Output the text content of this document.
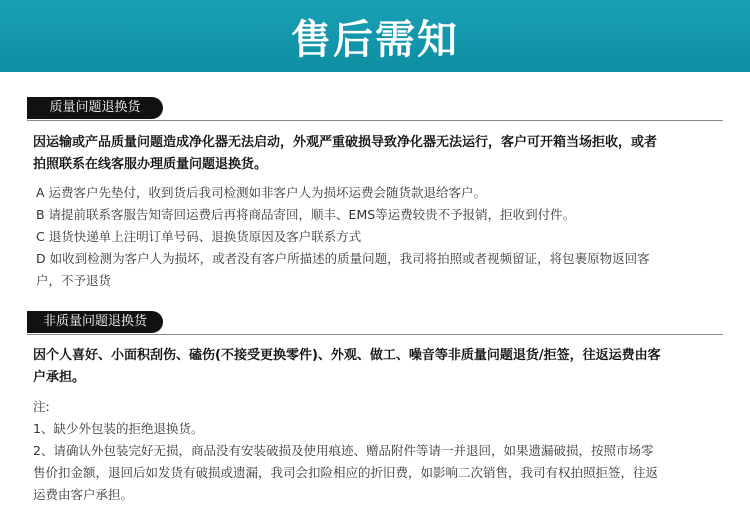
售后需知
质量问题退换货
因运输或产品质量问题造成净化器无法启动，外观严重破损导致净化器无法运行，客户可开箱当场拒收，或者
拍照联系在线客服办理质量问题退换货。
A 运费客户先垫付，收到货后我司检测如非客户人为损坏运费会随货款退给客户。
B 请提前联系客服告知寄回运费后再将商品寄回，顺丰、EMS等运费较贵不予报销，拒收到付件。
C 退货快递单上注明订单号码、退换货原因及客户联系方式
D 如收到检测为客户人为损坏，或者没有客户所描述的质量问题，我司将拍照或者视频留证，将包裹原物返回客
户，不予退货
非质量问题退换货
因个人喜好、小面积刮伤、磕伤(不接受更换零件)、外观、做工、噪音等非质量问题退货/拒签，往返运费由客
户承担。
注:
1、缺少外包装的拒绝退换货。
2、请确认外包装完好无损，商品没有安装破损及使用痕迹、赠品附件等请一并退回，如果遗漏破损，按照市场零
售价扣金额，退回后如发货有破损或遗漏，我司会扣险相应的折旧费，如影响二次销售，我司有权拍照拒签，往返
运费由客户承担。
